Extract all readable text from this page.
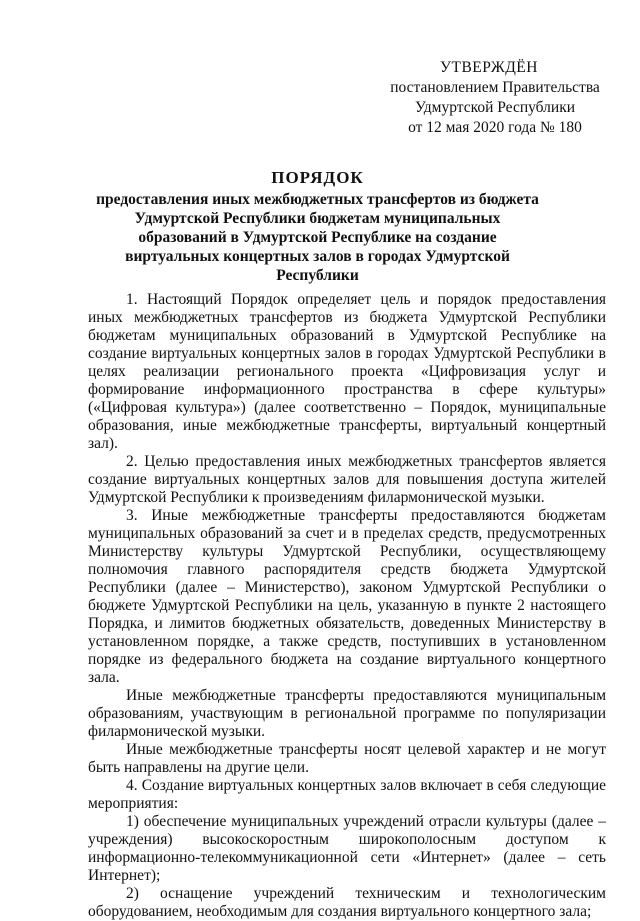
УТВЕРЖДЁН
постановлением Правительства
Удмуртской Республики
от 12 мая 2020 года № 180
ПОРЯДОК
предоставления иных межбюджетных трансфертов из бюджета Удмуртской Республики бюджетам муниципальных образований в Удмуртской Республике на создание виртуальных концертных залов в городах Удмуртской Республики

1. Настоящий Порядок определяет цель и порядок предоставления иных межбюджетных трансфертов из бюджета Удмуртской Республики бюджетам муниципальных образований в Удмуртской Республике на создание виртуальных концертных залов в городах Удмуртской Республики в целях реализации регионального проекта «Цифровизация услуг и формирование информационного пространства в сфере культуры» («Цифровая культура») (далее соответственно – Порядок, муниципальные образования, иные межбюджетные трансферты, виртуальный концертный зал).

2. Целью предоставления иных межбюджетных трансфертов является создание виртуальных концертных залов для повышения доступа жителей Удмуртской Республики к произведениям филармонической музыки.

3. Иные межбюджетные трансферты предоставляются бюджетам муниципальных образований за счет и в пределах средств, предусмотренных Министерству культуры Удмуртской Республики, осуществляющему полномочия главного распорядителя средств бюджета Удмуртской Республики (далее – Министерство), законом Удмуртской Республики о бюджете Удмуртской Республики на цель, указанную в пункте 2 настоящего Порядка, и лимитов бюджетных обязательств, доведенных Министерству в установленном порядке, а также средств, поступивших в установленном порядке из федерального бюджета на создание виртуального концертного зала.

Иные межбюджетные трансферты предоставляются муниципальным образованиям, участвующим в региональной программе по популяризации филармонической музыки.

Иные межбюджетные трансферты носят целевой характер и не могут быть направлены на другие цели.

4. Создание виртуальных концертных залов включает в себя следующие мероприятия:

1) обеспечение муниципальных учреждений отрасли культуры (далее – учреждения) высокоскоростным широкополосным доступом к информационно-телекоммуникационной сети «Интернет» (далее – сеть Интернет);

2) оснащение учреждений техническим и технологическим оборудованием, необходимым для создания виртуального концертного зала;
